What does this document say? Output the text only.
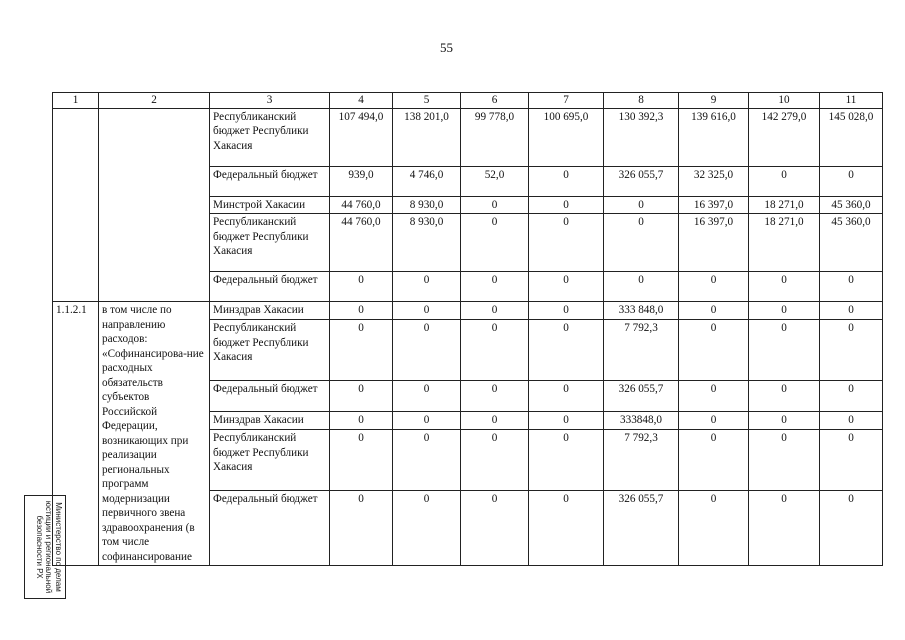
55
1	2	3	4	5	6	7	8	9	10	11
		Республиканский бюджет Республики Хакасия	107 494,0	138 201,0	99 778,0	100 695,0	130 392,3	139 616,0	142 279,0	145 028,0
		Федеральный бюджет	939,0	4 746,0	52,0	0	326 055,7	32 325,0	0	0
		Минстрой Хакасии	44 760,0	8 930,0	0	0	0	16 397,0	18 271,0	45 360,0
		Республиканский бюджет Республики Хакасия	44 760,0	8 930,0	0	0	0	16 397,0	18 271,0	45 360,0
		Федеральный бюджет	0	0	0	0	0	0	0	0
1.1.2.1	в том числе по направлению расходов: «Софинансирова-ние расходных обязательств субъектов Российской Федерации, возникающих при реализации региональных программ модернизации первичного звена здравоохранения (в том числе софинансирование	Минздрав Хакасии	0	0	0	0	333 848,0	0	0	0
		Республиканский бюджет Республики Хакасия	0	0	0	0	7 792,3	0	0	0
		Федеральный бюджет	0	0	0	0	326 055,7	0	0	0
		Минздрав Хакасии	0	0	0	0	333848,0	0	0	0
		Республиканский бюджет Республики Хакасия	0	0	0	0	7 792,3	0	0	0
		Федеральный бюджет	0	0	0	0	326 055,7	0	0	0
Министерство по делам
юстиции и региональной
безопасности РХ
